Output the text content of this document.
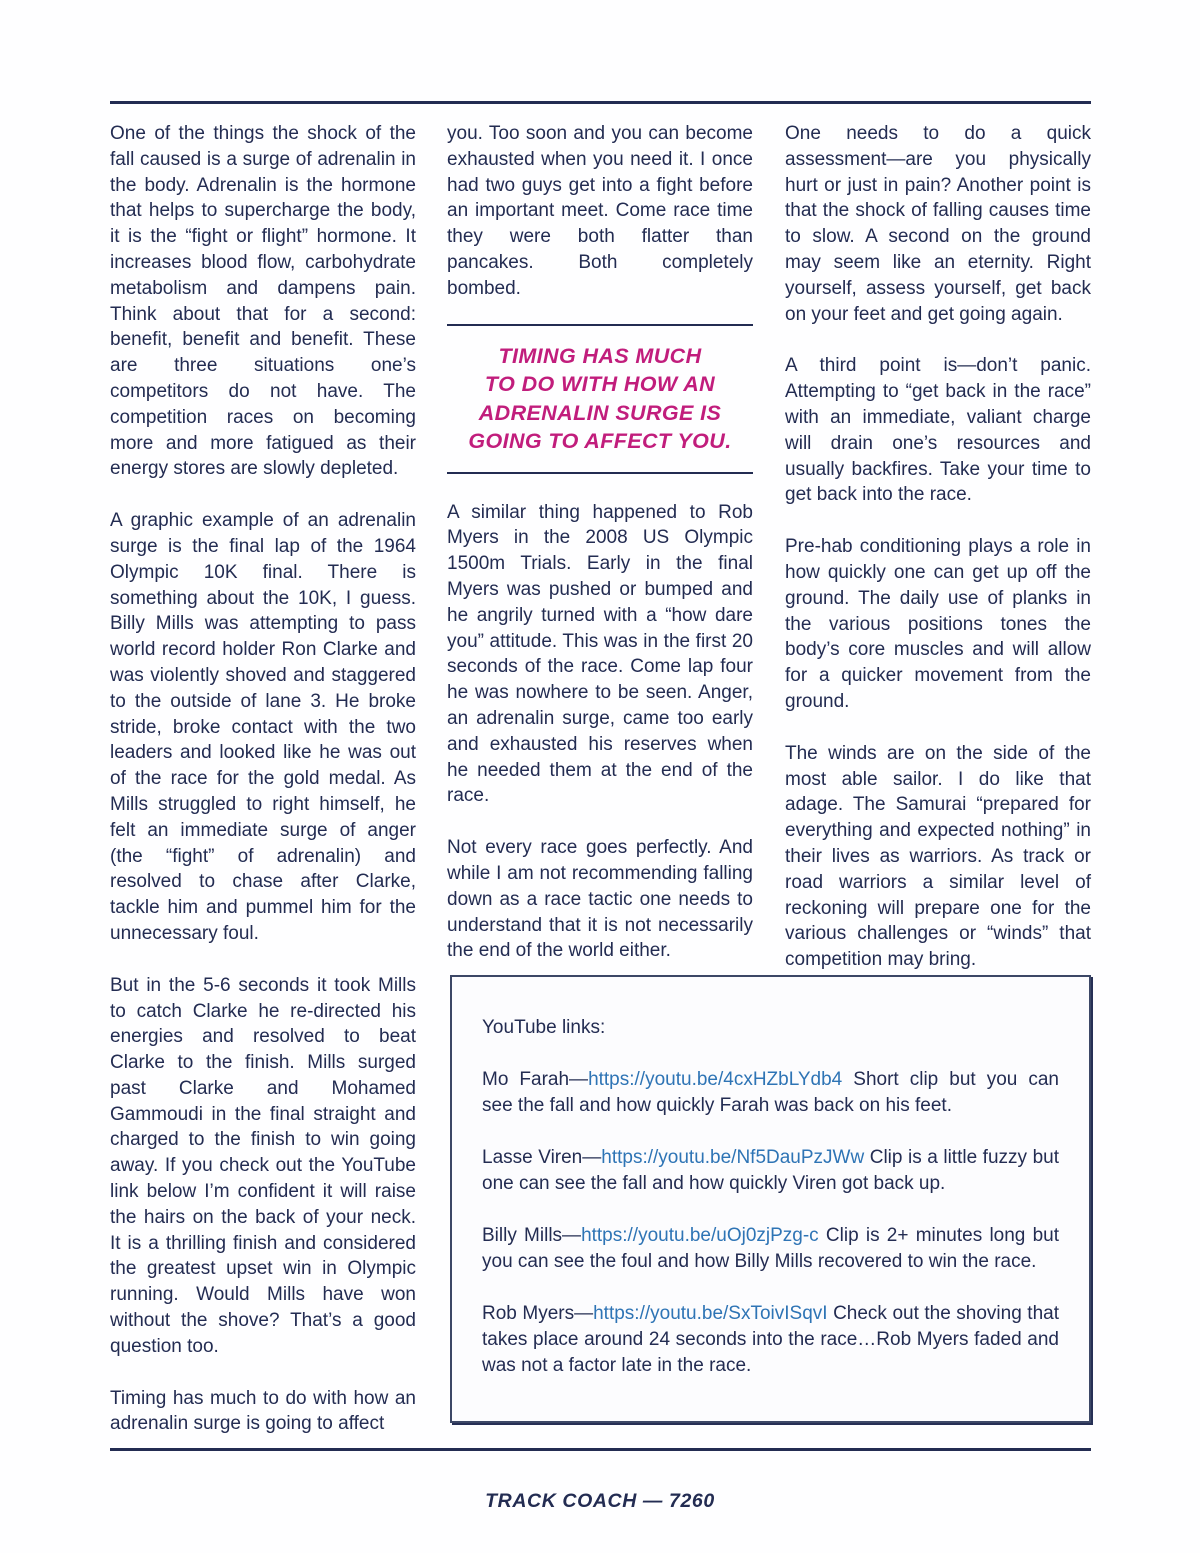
One of the things the shock of the fall caused is a surge of adrenalin in the body. Adrenalin is the hormone that helps to supercharge the body, it is the “fight or flight” hormone. It increases blood flow, carbohydrate metabolism and dampens pain. Think about that for a second: benefit, benefit and benefit. These are three situations one’s competitors do not have. The competition races on becoming more and more fatigued as their energy stores are slowly depleted.

A graphic example of an adrenalin surge is the final lap of the 1964 Olympic 10K final. There is something about the 10K, I guess. Billy Mills was attempting to pass world record holder Ron Clarke and was violently shoved and staggered to the outside of lane 3. He broke stride, broke contact with the two leaders and looked like he was out of the race for the gold medal. As Mills struggled to right himself, he felt an immediate surge of anger (the “fight” of adrenalin) and resolved to chase after Clarke, tackle him and pummel him for the unnecessary foul.

But in the 5-6 seconds it took Mills to catch Clarke he re-directed his energies and resolved to beat Clarke to the finish. Mills surged past Clarke and Mohamed Gammoudi in the final straight and charged to the finish to win going away. If you check out the YouTube link below I’m confident it will raise the hairs on the back of your neck. It is a thrilling finish and considered the greatest upset win in Olympic running. Would Mills have won without the shove? That’s a good question too.

Timing has much to do with how an adrenalin surge is going to affect

you. Too soon and you can become exhausted when you need it. I once had two guys get into a fight before an important meet. Come race time they were both flatter than pancakes. Both completely bombed.

TIMING HAS MUCH
TO DO WITH HOW AN
ADRENALIN SURGE IS
GOING TO AFFECT YOU.

A similar thing happened to Rob Myers in the 2008 US Olympic 1500m Trials. Early in the final Myers was pushed or bumped and he angrily turned with a “how dare you” attitude. This was in the first 20 seconds of the race. Come lap four he was nowhere to be seen. Anger, an adrenalin surge, came too early and exhausted his reserves when he needed them at the end of the race.

Not every race goes perfectly. And while I am not recommending falling down as a race tactic one needs to understand that it is not necessarily the end of the world either.

One needs to do a quick assessment—are you physically hurt or just in pain? Another point is that the shock of falling causes time to slow. A second on the ground may seem like an eternity. Right yourself, assess yourself, get back on your feet and get going again.

A third point is—don’t panic. Attempting to “get back in the race” with an immediate, valiant charge will drain one’s resources and usually backfires. Take your time to get back into the race.

Pre-hab conditioning plays a role in how quickly one can get up off the ground. The daily use of planks in the various positions tones the body’s core muscles and will allow for a quicker movement from the ground.

The winds are on the side of the most able sailor. I do like that adage. The Samurai “prepared for everything and expected nothing” in their lives as warriors. As track or road warriors a similar level of reckoning will prepare one for the various challenges or “winds” that competition may bring.

YouTube links:

Mo Farah—https://youtu.be/4cxHZbLYdb4 Short clip but you can see the fall and how quickly Farah was back on his feet.

Lasse Viren—https://youtu.be/Nf5DauPzJWw Clip is a little fuzzy but one can see the fall and how quickly Viren got back up.

Billy Mills—https://youtu.be/uOj0zjPzg-c Clip is 2+ minutes long but you can see the foul and how Billy Mills recovered to win the race.

Rob Myers—https://youtu.be/SxToivISqvI Check out the shoving that takes place around 24 seconds into the race…Rob Myers faded and was not a factor late in the race.

TRACK COACH — 7260
